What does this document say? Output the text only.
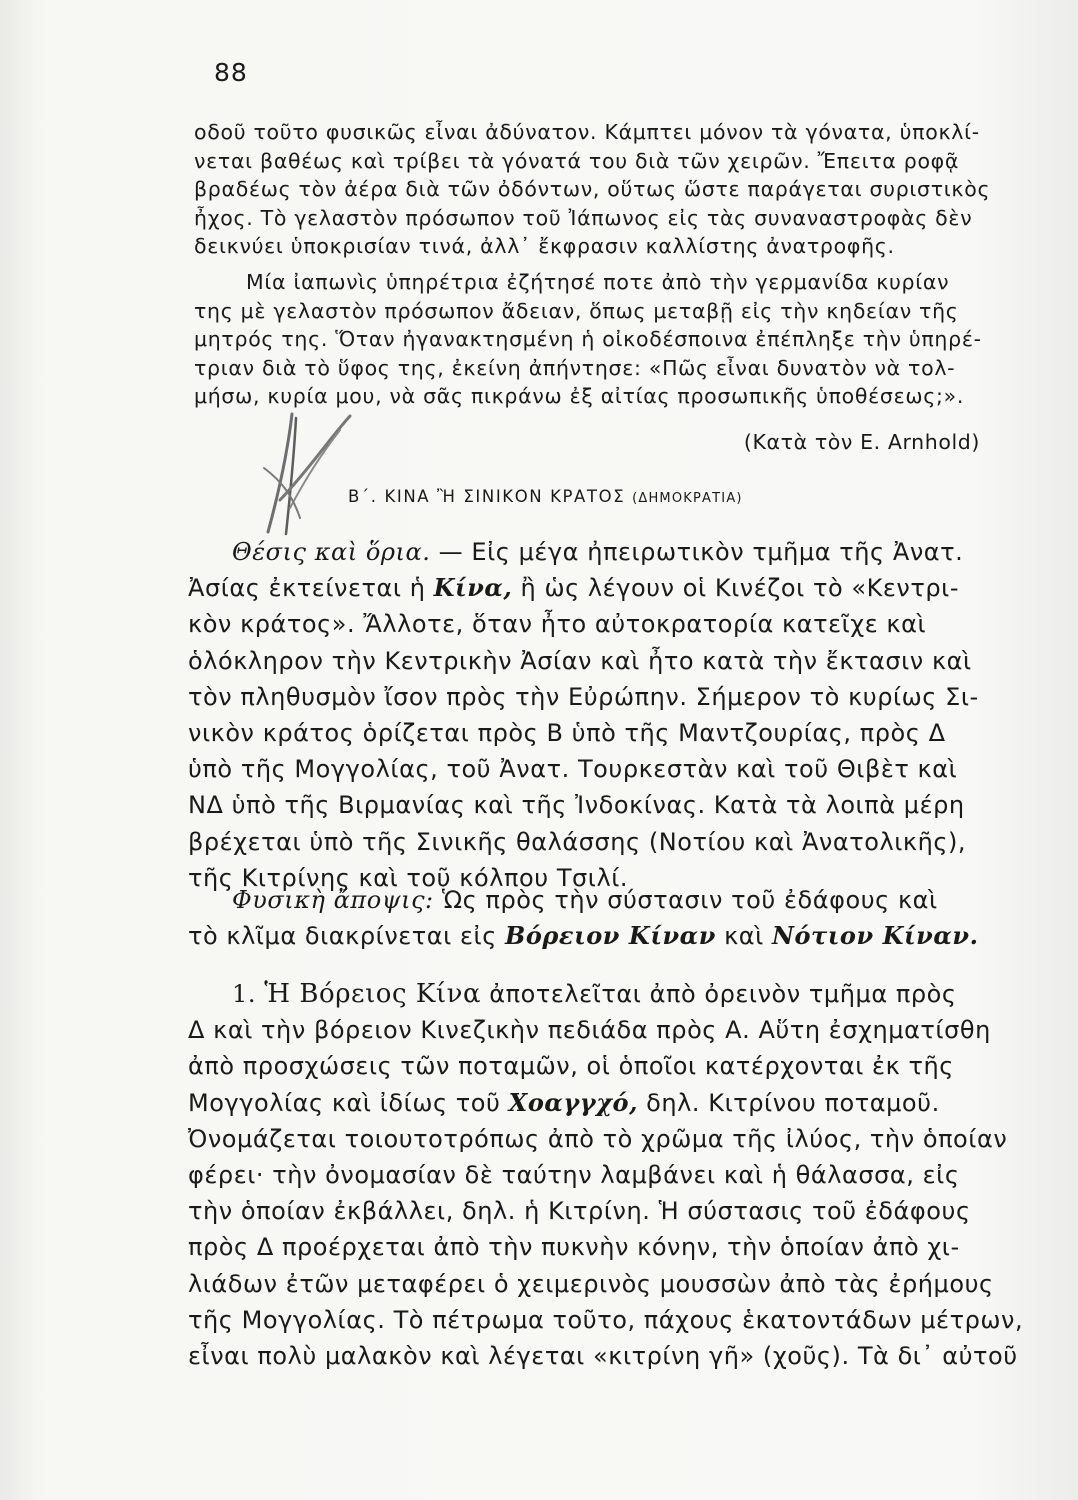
88
οδοῦ τοῦτο φυσικῶς εἶναι ἀδύνατον. Κάμπτει μόνον τὰ γόνατα, ὑποκλί-
νεται βαθέως καὶ τρίβει τὰ γόνατά του διὰ τῶν χειρῶν. Ἔπειτα ροφᾷ
βραδέως τὸν ἀέρα διὰ τῶν ὀδόντων, οὕτως ὥστε παράγεται συριστικὸς
ἦχος. Τὸ γελαστὸν πρόσωπον τοῦ Ἰάπωνος εἰς τὰς συναναστροφὰς δὲν
δεικνύει ὑποκρισίαν τινά, ἀλλ᾽ ἔκφρασιν καλλίστης ἀνατροφῆς.
Μία ἰαπωνὶς ὑπηρέτρια ἐζήτησέ ποτε ἀπὸ τὴν γερμανίδα κυρίαν
της μὲ γελαστὸν πρόσωπον ἄδειαν, ὅπως μεταβῇ εἰς τὴν κηδείαν τῆς
μητρός της. Ὅταν ἠγανακτησμένη ἡ οἰκοδέσποινα ἐπέπληξε τὴν ὑπηρέ-
τριαν διὰ τὸ ὕφος της, ἐκείνη ἀπήντησε: «Πῶς εἶναι δυνατὸν νὰ τολ-
μήσω, κυρία μου, νὰ σᾶς πικράνω ἐξ αἰτίας προσωπικῆς ὑποθέσεως;».
(Κατὰ τὸν E. Arnhold)
Β΄. ΚΙΝΑ Ἢ ΣΙΝΙΚΟΝ ΚΡΑΤΟΣ (ΔΗΜΟΚΡΑΤΙΑ)
Θέσις καὶ ὅρια. — Εἰς μέγα ἠπειρωτικὸν τμῆμα τῆς Ἀνατ.
Ἀσίας ἐκτείνεται ἡ Κίνα, ἢ ὡς λέγουν οἱ Κινέζοι τὸ «Κεντρι-
κὸν κράτος». Ἄλλοτε, ὅταν ἦτο αὐτοκρατορία κατεῖχε καὶ
ὁλόκληρον τὴν Κεντρικὴν Ἀσίαν καὶ ἦτο κατὰ τὴν ἔκτασιν καὶ
τὸν πληθυσμὸν ἴσον πρὸς τὴν Εὐρώπην. Σήμερον τὸ κυρίως Σι-
νικὸν κράτος ὁρίζεται πρὸς Β ὑπὸ τῆς Μαντζουρίας, πρὸς Δ
ὑπὸ τῆς Μογγολίας, τοῦ Ἀνατ. Τουρκεστὰν καὶ τοῦ Θιβὲτ καὶ
ΝΔ ὑπὸ τῆς Βιρμανίας καὶ τῆς Ἰνδοκίνας. Κατὰ τὰ λοιπὰ μέρη
βρέχεται ὑπὸ τῆς Σινικῆς θαλάσσης (Νοτίου καὶ Ἀνατολικῆς),
τῆς Κιτρίνης καὶ τοῦ κόλπου Τσιλί.
Φυσικὴ ἄποψις: Ὡς πρὸς τὴν σύστασιν τοῦ ἐδάφους καὶ
τὸ κλῖμα διακρίνεται εἰς Βόρειον Κίναν καὶ Νότιον Κίναν.
1. Ἡ Βόρειος Κίνα ἀποτελεῖται ἀπὸ ὀρεινὸν τμῆμα πρὸς
Δ καὶ τὴν βόρειον Κινεζικὴν πεδιάδα πρὸς Α. Αὕτη ἐσχηματίσθη
ἀπὸ προσχώσεις τῶν ποταμῶν, οἱ ὁποῖοι κατέρχονται ἐκ τῆς
Μογγολίας καὶ ἰδίως τοῦ Χοαγγχό, δηλ. Κιτρίνου ποταμοῦ.
Ὀνομάζεται τοιουτοτρόπως ἀπὸ τὸ χρῶμα τῆς ἰλύος, τὴν ὁποίαν
φέρει· τὴν ὀνομασίαν δὲ ταύτην λαμβάνει καὶ ἡ θάλασσα, εἰς
τὴν ὁποίαν ἐκβάλλει, δηλ. ἡ Κιτρίνη. Ἡ σύστασις τοῦ ἐδάφους
πρὸς Δ προέρχεται ἀπὸ τὴν πυκνὴν κόνην, τὴν ὁποίαν ἀπὸ χι-
λιάδων ἐτῶν μεταφέρει ὁ χειμερινὸς μουσσὼν ἀπὸ τὰς ἐρήμους
τῆς Μογγολίας. Τὸ πέτρωμα τοῦτο, πάχους ἑκατοντάδων μέτρων,
εἶναι πολὺ μαλακὸν καὶ λέγεται «κιτρίνη γῆ» (χοῦς). Τὰ δι᾽ αὐτοῦ
